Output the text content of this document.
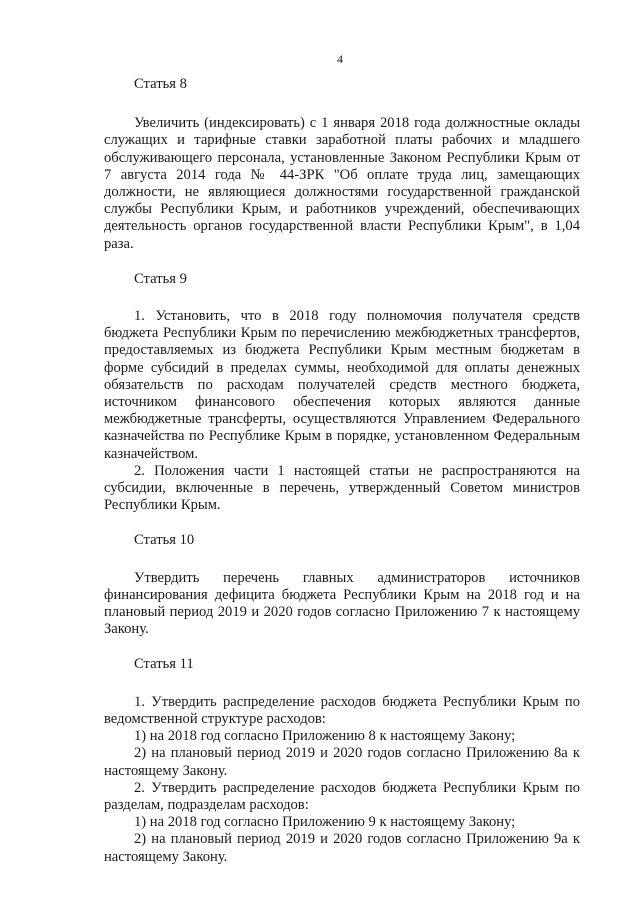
4

Статья 8

Увеличить (индексировать) с 1 января 2018 года должностные оклады служащих и тарифные ставки заработной платы рабочих и младшего обслуживающего персонала, установленные Законом Республики Крым от 7 августа 2014 года № 44-ЗРК "Об оплате труда лиц, замещающих должности, не являющиеся должностями государственной гражданской службы Республики Крым, и работников учреждений, обеспечивающих деятельность органов государственной власти Республики Крым", в 1,04 раза.

Статья 9

1. Установить, что в 2018 году полномочия получателя средств бюджета Республики Крым по перечислению межбюджетных трансфертов, предоставляемых из бюджета Республики Крым местным бюджетам в форме субсидий в пределах суммы, необходимой для оплаты денежных обязательств по расходам получателей средств местного бюджета, источником финансового обеспечения которых являются данные межбюджетные трансферты, осуществляются Управлением Федерального казначейства по Республике Крым в порядке, установленном Федеральным казначейством.

2. Положения части 1 настоящей статьи не распространяются на субсидии, включенные в перечень, утвержденный Советом министров Республики Крым.

Статья 10

Утвердить перечень главных администраторов источников финансирования дефицита бюджета Республики Крым на 2018 год и на плановый период 2019 и 2020 годов согласно Приложению 7 к настоящему Закону.

Статья 11

1. Утвердить распределение расходов бюджета Республики Крым по ведомственной структуре расходов:

1) на 2018 год согласно Приложению 8 к настоящему Закону;

2) на плановый период 2019 и 2020 годов согласно Приложению 8а к настоящему Закону.

2. Утвердить распределение расходов бюджета Республики Крым по разделам, подразделам расходов:

1) на 2018 год согласно Приложению 9 к настоящему Закону;

2) на плановый период 2019 и 2020 годов согласно Приложению 9а к настоящему Закону.
